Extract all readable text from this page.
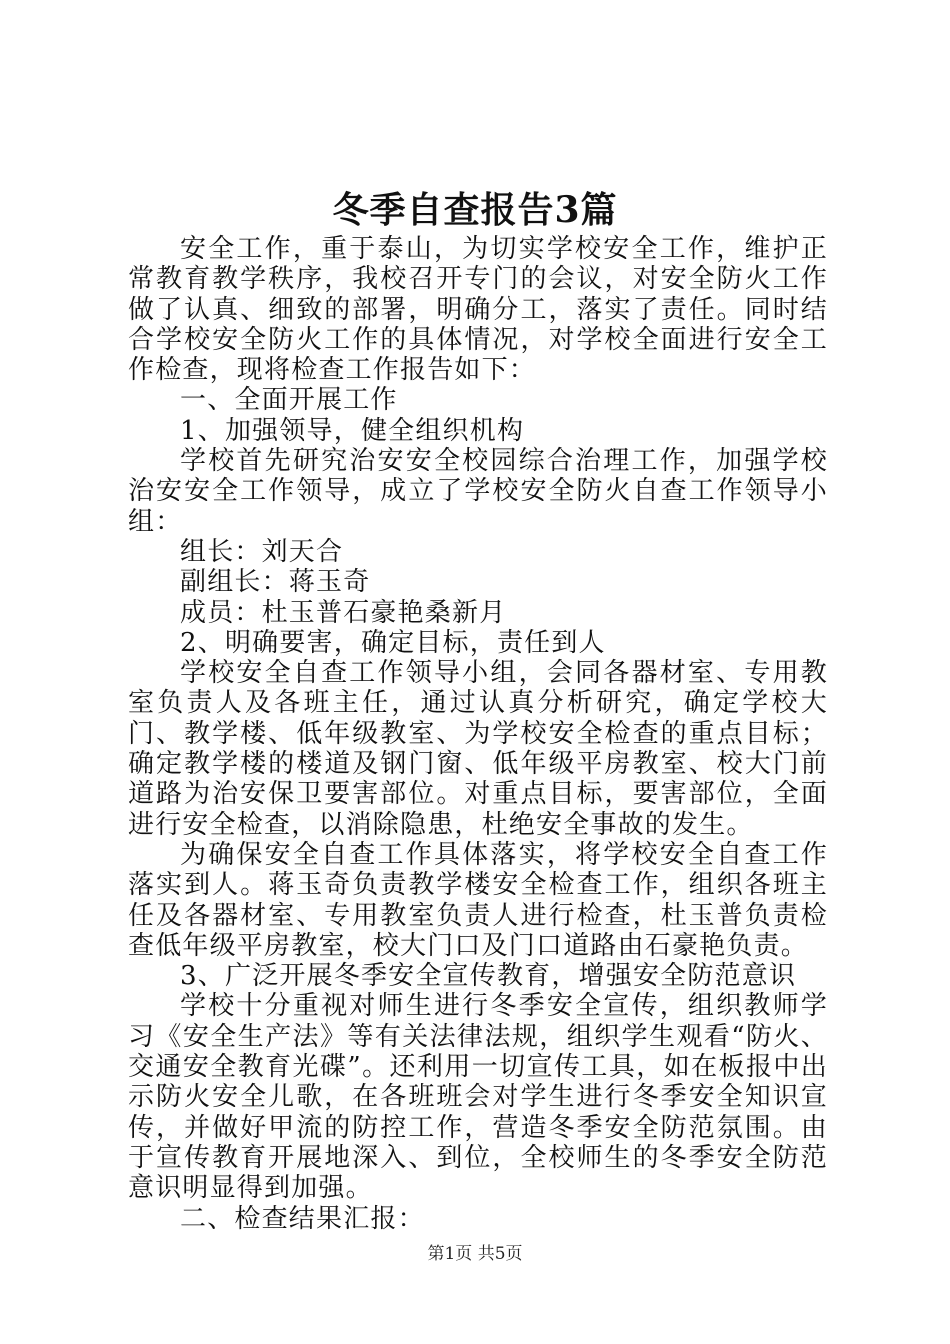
冬季自查报告3篇

安全工作，重于泰山，为切实学校安全工作，维护正常教育教学秩序，我校召开专门的会议，对安全防火工作做了认真、细致的部署，明确分工，落实了责任。同时结合学校安全防火工作的具体情况，对学校全面进行安全工作检查，现将检查工作报告如下：

一、全面开展工作

1、加强领导，健全组织机构

学校首先研究治安安全校园综合治理工作，加强学校治安安全工作领导，成立了学校安全防火自查工作领导小组：

组长：刘天合

副组长：蒋玉奇

成员：杜玉普石豪艳桑新月

2、明确要害，确定目标，责任到人

学校安全自查工作领导小组，会同各器材室、专用教室负责人及各班主任，通过认真分析研究，确定学校大门、教学楼、低年级教室、为学校安全检查的重点目标；确定教学楼的楼道及钢门窗、低年级平房教室、校大门前道路为治安保卫要害部位。对重点目标，要害部位，全面进行安全检查，以消除隐患，杜绝安全事故的发生。

为确保安全自查工作具体落实，将学校安全自查工作落实到人。蒋玉奇负责教学楼安全检查工作，组织各班主任及各器材室、专用教室负责人进行检查，杜玉普负责检查低年级平房教室，校大门口及门口道路由石豪艳负责。

3、广泛开展冬季安全宣传教育，增强安全防范意识

学校十分重视对师生进行冬季安全宣传，组织教师学习《安全生产法》等有关法律法规，组织学生观看“防火、交通安全教育光碟”。还利用一切宣传工具，如在板报中出示防火安全儿歌，在各班班会对学生进行冬季安全知识宣传，并做好甲流的防控工作，营造冬季安全防范氛围。由于宣传教育开展地深入、到位，全校师生的冬季安全防范意识明显得到加强。

二、检查结果汇报：

第1页 共5页
